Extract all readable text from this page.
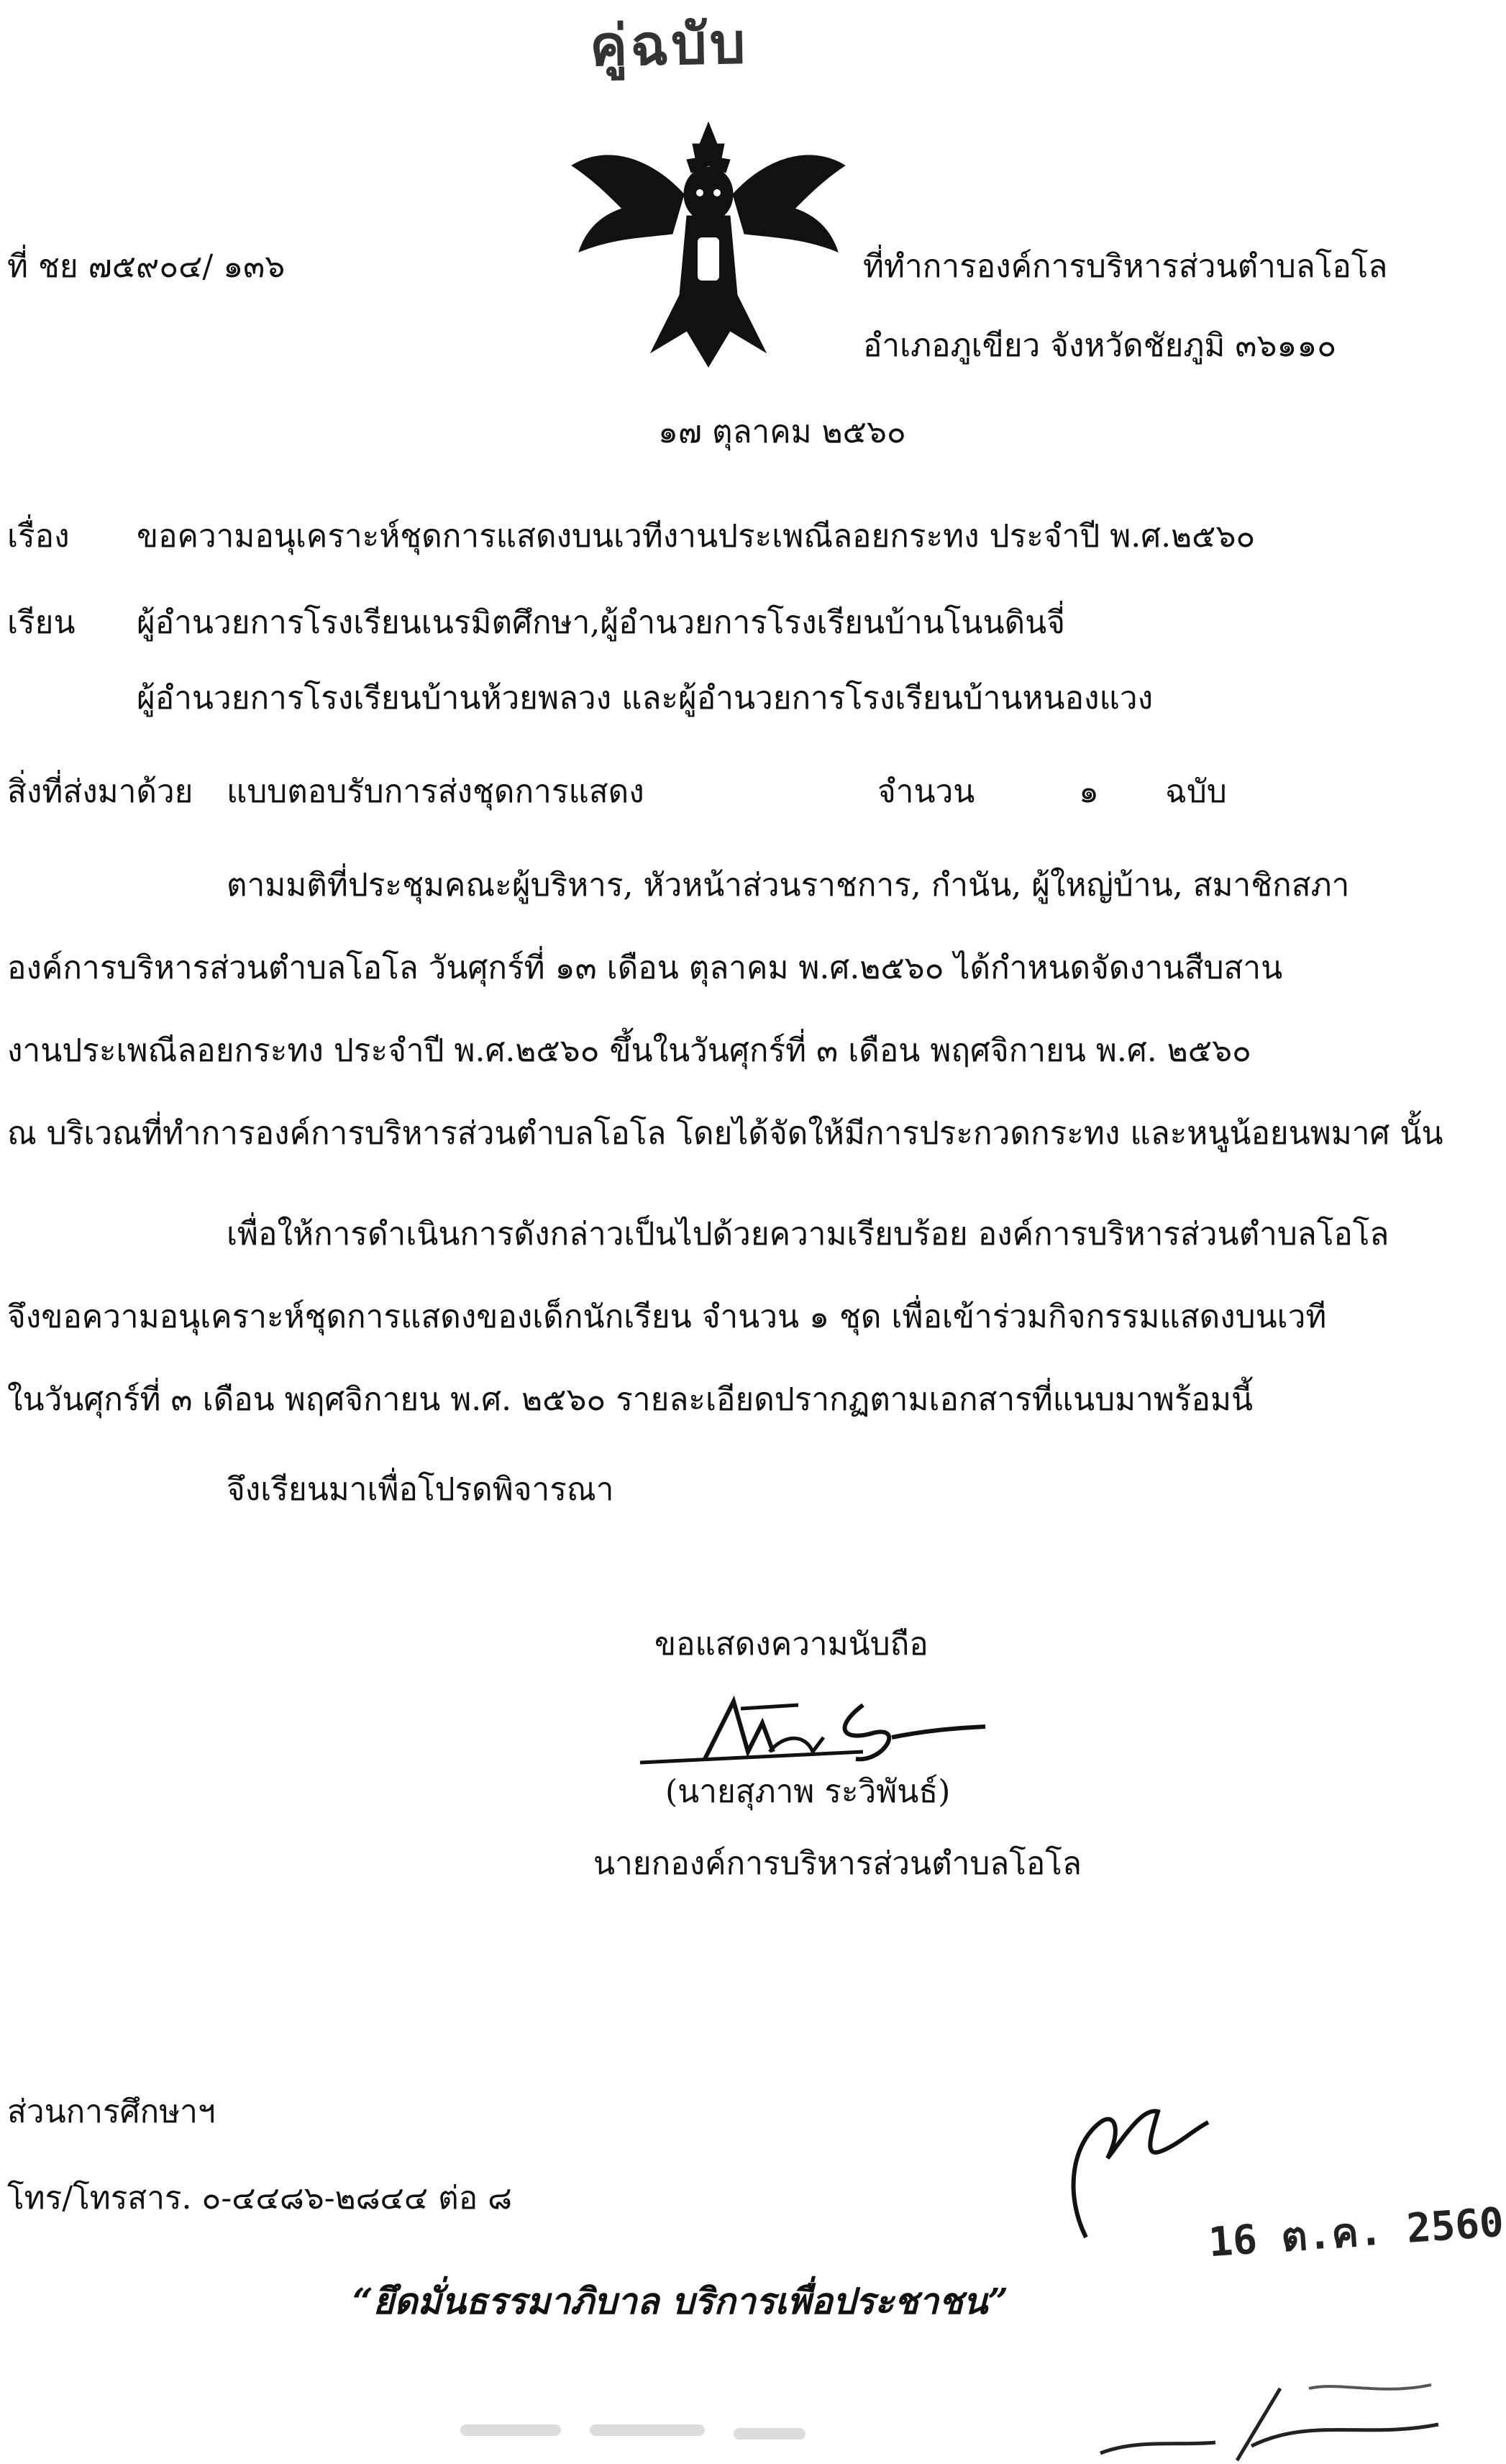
คู่ฉบับ
ที่ ชย ๗๕๙๐๔/ ๑๓๖	ที่ทำการองค์การบริหารส่วนตำบลโอโล
อำเภอภูเขียว จังหวัดชัยภูมิ ๓๖๑๑๐
๑๗ ตุลาคม ๒๕๖๐
เรื่อง ขอความอนุเคราะห์ชุดการแสดงบนเวทีงานประเพณีลอยกระทง ประจำปี พ.ศ.๒๕๖๐
เรียน ผู้อำนวยการโรงเรียนเนรมิตศึกษา,ผู้อำนวยการโรงเรียนบ้านโนนดินจี่
ผู้อำนวยการโรงเรียนบ้านห้วยพลวง และผู้อำนวยการโรงเรียนบ้านหนองแวง
สิ่งที่ส่งมาด้วย แบบตอบรับการส่งชุดการแสดง	จำนวน	๑ ฉบับ
ตามมติที่ประชุมคณะผู้บริหาร, หัวหน้าส่วนราชการ, กำนัน, ผู้ใหญ่บ้าน, สมาชิกสภา
องค์การบริหารส่วนตำบลโอโล วันศุกร์ที่ ๑๓ เดือน ตุลาคม พ.ศ.๒๕๖๐ ได้กำหนดจัดงานสืบสาน
งานประเพณีลอยกระทง ประจำปี พ.ศ.๒๕๖๐ ขึ้นในวันศุกร์ที่ ๓ เดือน พฤศจิกายน พ.ศ. ๒๕๖๐
ณ บริเวณที่ทำการองค์การบริหารส่วนตำบลโอโล โดยได้จัดให้มีการประกวดกระทง และหนูน้อยนพมาศ นั้น
เพื่อให้การดำเนินการดังกล่าวเป็นไปด้วยความเรียบร้อย องค์การบริหารส่วนตำบลโอโล
จึงขอความอนุเคราะห์ชุดการแสดงของเด็กนักเรียน จำนวน ๑ ชุด เพื่อเข้าร่วมกิจกรรมแสดงบนเวที
ในวันศุกร์ที่ ๓ เดือน พฤศจิกายน พ.ศ. ๒๕๖๐ รายละเอียดปรากฏตามเอกสารที่แนบมาพร้อมนี้
จึงเรียนมาเพื่อโปรดพิจารณา
ขอแสดงความนับถือ
(นายสุภาพ ระวิพันธ์)
นายกองค์การบริหารส่วนตำบลโอโล
ส่วนการศึกษาฯ
โทร/โทรสาร. ๐-๔๔๘๖-๒๘๔๔ ต่อ ๘
“ยึดมั่นธรรมาภิบาล บริการเพื่อประชาชน”
16 ต.ค. 2560
